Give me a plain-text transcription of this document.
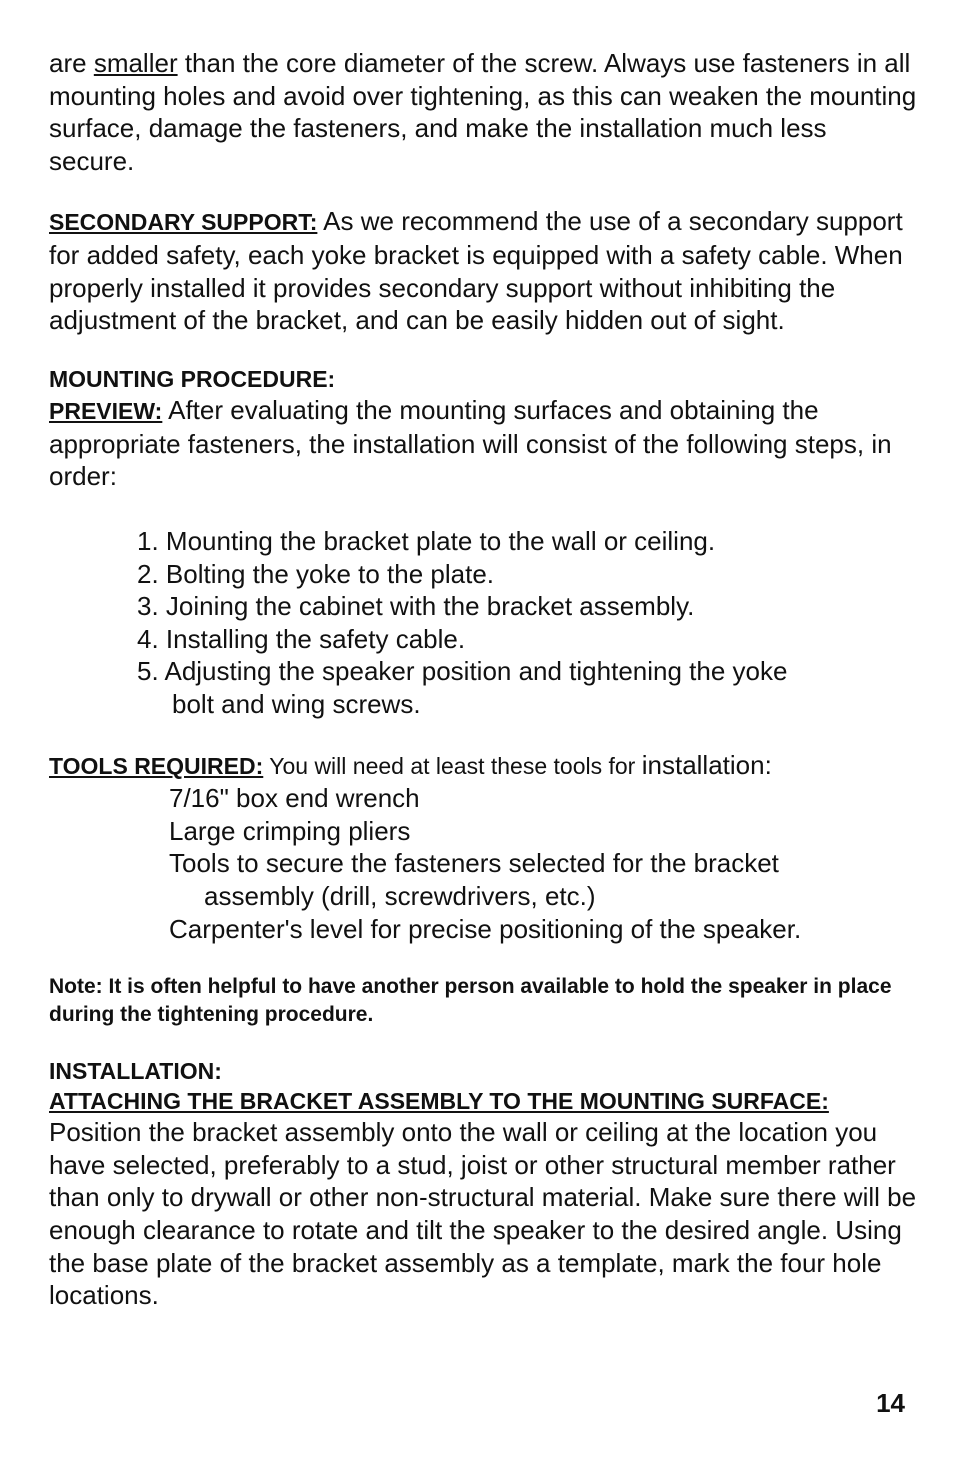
are smaller than the core diameter of the screw. Always use fasteners in all mounting holes and avoid over tightening, as this can weaken the mounting surface, damage the fasteners, and make the installation much less secure.

SECONDARY SUPPORT: As we recommend the use of a secondary support for added safety, each yoke bracket is equipped with a safety cable. When properly installed it provides secondary support without inhibiting the adjustment of the bracket, and can be easily hidden out of sight.

MOUNTING PROCEDURE:

PREVIEW: After evaluating the mounting surfaces and obtaining the appropriate fasteners, the installation will consist of the following steps, in order:

1. Mounting the bracket plate to the wall or ceiling.
2. Bolting the yoke to the plate.
3. Joining the cabinet with the bracket assembly.
4. Installing the safety cable.
5. Adjusting the speaker position and tightening the yoke
bolt and wing screws.

TOOLS REQUIRED: You will need at least these tools for installation:

7/16" box end wrench
Large crimping pliers
Tools to secure the fasteners selected for the bracket
assembly (drill, screwdrivers, etc.)
Carpenter's level for precise positioning of the speaker.

Note: It is often helpful to have another person available to hold the speaker in place during the tightening procedure.

INSTALLATION:

ATTACHING THE BRACKET ASSEMBLY TO THE MOUNTING SURFACE:

Position the bracket assembly onto the wall or ceiling at the location you have selected, preferably to a stud, joist or other structural member rather than only to drywall or other non-structural material. Make sure there will be enough clearance to rotate and tilt the speaker to the desired angle. Using the base plate of the bracket assembly as a template, mark the four hole locations.

14
